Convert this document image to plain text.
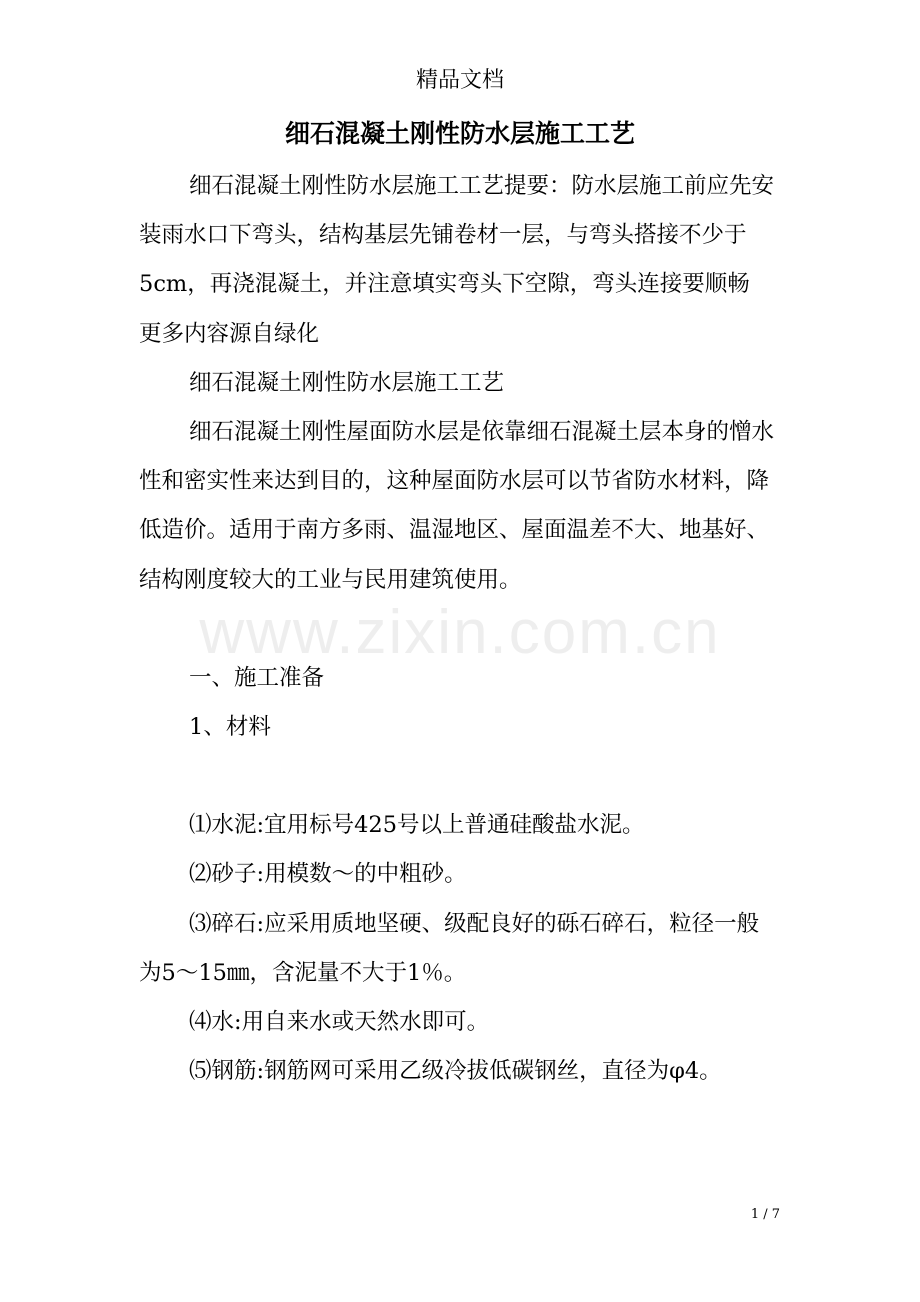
精品文档
细石混凝土刚性防水层施工工艺

细石混凝土刚性防水层施工工艺提要：防水层施工前应先安装雨水口下弯头，结构基层先铺卷材一层，与弯头搭接不少于5cm，再浇混凝土，并注意填实弯头下空隙，弯头连接要顺畅

更多内容源自绿化

细石混凝土刚性防水层施工工艺

细石混凝土刚性屋面防水层是依靠细石混凝土层本身的憎水性和密实性来达到目的，这种屋面防水层可以节省防水材料，降低造价。适用于南方多雨、温湿地区、屋面温差不大、地基好、结构刚度较大的工业与民用建筑使用。

一、施工准备

1、材料

⑴水泥:宜用标号425号以上普通硅酸盐水泥。

⑵砂子:用模数～的中粗砂。

⑶碎石:应采用质地坚硬、级配良好的砾石碎石，粒径一般为5～15㎜，含泥量不大于1％。

⑷水:用自来水或天然水即可。

⑸钢筋:钢筋网可采用乙级冷拔低碳钢丝，直径为φ4。

www.zixin.com.cn
1 / 7
